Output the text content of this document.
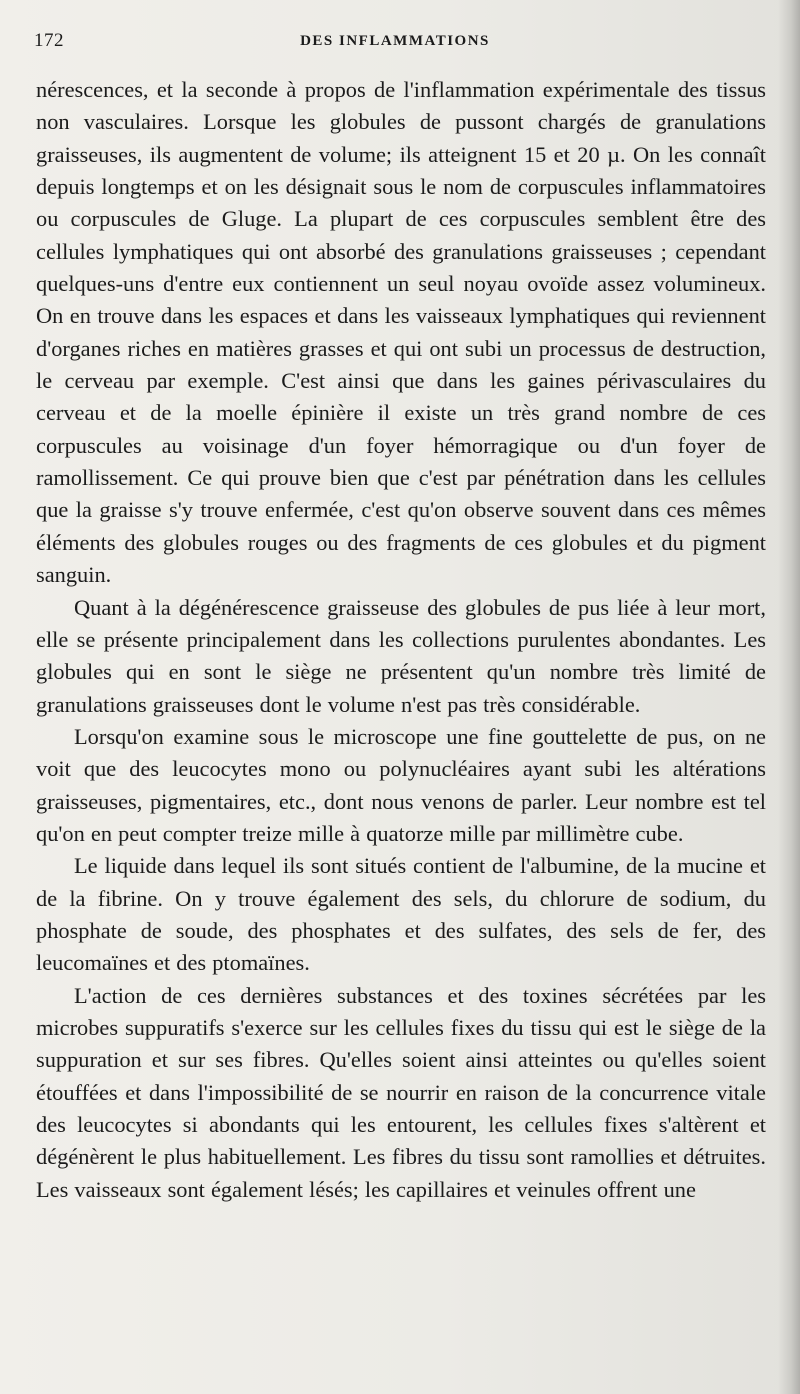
172	DES INFLAMMATIONS

nérescences, et la seconde à propos de l'inflammation expérimentale des tissus non vasculaires. Lorsque les globules de pussont chargés de granulations graisseuses, ils augmentent de volume; ils atteignent 15 et 20 µ. On les connaît depuis longtemps et on les désignait sous le nom de corpuscules inflammatoires ou corpuscules de Gluge. La plupart de ces corpuscules semblent être des cellules lymphatiques qui ont absorbé des granulations graisseuses ; cependant quelques-uns d'entre eux contiennent un seul noyau ovoïde assez volumineux. On en trouve dans les espaces et dans les vaisseaux lymphatiques qui reviennent d'organes riches en matières grasses et qui ont subi un processus de destruction, le cerveau par exemple. C'est ainsi que dans les gaines périvasculaires du cerveau et de la moelle épinière il existe un très grand nombre de ces corpuscules au voisinage d'un foyer hémorragique ou d'un foyer de ramollissement. Ce qui prouve bien que c'est par pénétration dans les cellules que la graisse s'y trouve enfermée, c'est qu'on observe souvent dans ces mêmes éléments des globules rouges ou des fragments de ces globules et du pigment sanguin.

Quant à la dégénérescence graisseuse des globules de pus liée à leur mort, elle se présente principalement dans les collections purulentes abondantes. Les globules qui en sont le siège ne présentent qu'un nombre très limité de granulations graisseuses dont le volume n'est pas très considérable.

Lorsqu'on examine sous le microscope une fine gouttelette de pus, on ne voit que des leucocytes mono ou polynucléaires ayant subi les altérations graisseuses, pigmentaires, etc., dont nous venons de parler. Leur nombre est tel qu'on en peut compter treize mille à quatorze mille par millimètre cube.

Le liquide dans lequel ils sont situés contient de l'albumine, de la mucine et de la fibrine. On y trouve également des sels, du chlorure de sodium, du phosphate de soude, des phosphates et des sulfates, des sels de fer, des leucomaïnes et des ptomaïnes.

L'action de ces dernières substances et des toxines sécrétées par les microbes suppuratifs s'exerce sur les cellules fixes du tissu qui est le siège de la suppuration et sur ses fibres. Qu'elles soient ainsi atteintes ou qu'elles soient étouffées et dans l'impossibilité de se nourrir en raison de la concurrence vitale des leucocytes si abondants qui les entourent, les cellules fixes s'altèrent et dégénèrent le plus habituellement. Les fibres du tissu sont ramollies et détruites. Les vaisseaux sont également lésés; les capillaires et veinules offrent une
